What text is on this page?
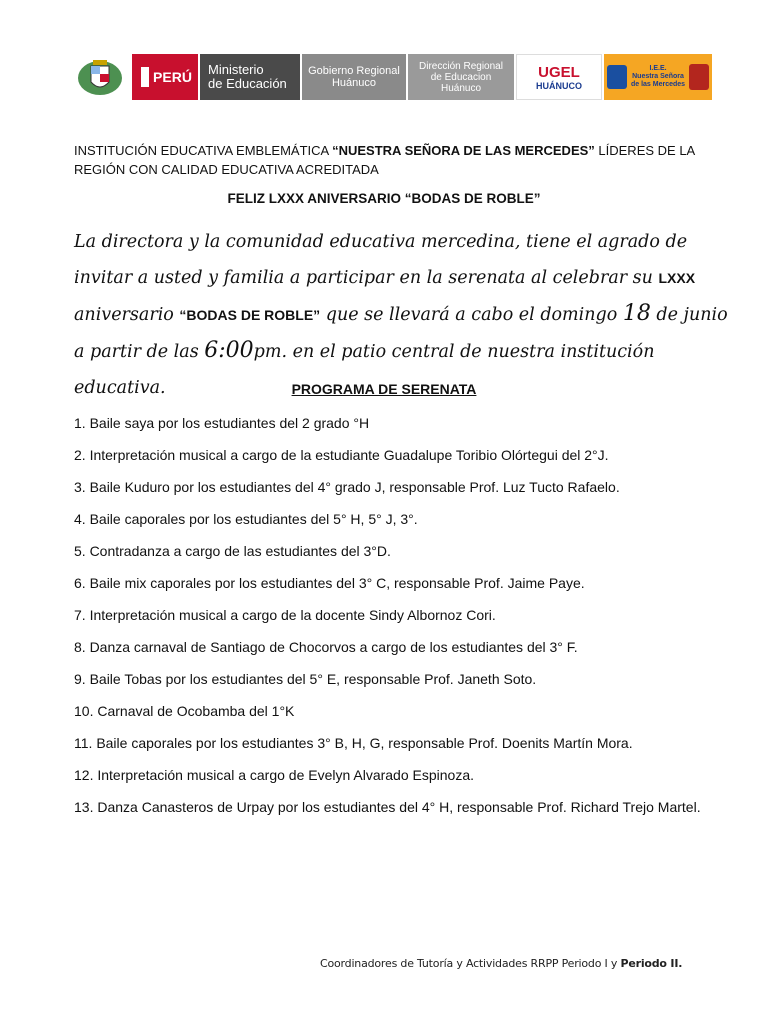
PERÚ Ministerio
de Educación
Gobierno Regional
Huánuco
Dirección Regional
de Educacion
Huánuco
UGEL
HUÁNUCO
I.E.E.
Nuestra Señora
de las Mercedes
INSTITUCIÓN EDUCATIVA EMBLEMÁTICA “NUESTRA SEÑORA DE LAS MERCEDES” LÍDERES DE LA REGIÓN CON CALIDAD EDUCATIVA ACREDITADA
FELIZ LXXX ANIVERSARIO “BODAS DE ROBLE”
La directora y la comunidad educativa mercedina, tiene el agrado de invitar a usted y familia a participar en la serenata al celebrar su LXXX aniversario “BODAS DE ROBLE” que se llevará a cabo el domingo 18 de junio a partir de las 6:00pm. en el patio central de nuestra institución educativa.	PROGRAMA DE SERENATA
1. Baile saya por los estudiantes del 2 grado °H
2. Interpretación musical a cargo de la estudiante Guadalupe Toribio Olórtegui del 2°J.
3. Baile Kuduro por los estudiantes del 4° grado J, responsable Prof. Luz Tucto Rafaelo.
4. Baile caporales por los estudiantes del 5° H, 5° J, 3°.
5. Contradanza a cargo de las estudiantes del 3°D.
6. Baile mix caporales por los estudiantes del 3° C, responsable Prof. Jaime Paye.
7. Interpretación musical a cargo de la docente Sindy Albornoz Cori.
8. Danza carnaval de Santiago de Chocorvos a cargo de los estudiantes del 3° F.
9. Baile Tobas por los estudiantes del 5° E, responsable Prof. Janeth Soto.
10. Carnaval de Ocobamba del 1°K
11. Baile caporales por los estudiantes 3° B, H, G, responsable Prof. Doenits Martín Mora.
12. Interpretación musical a cargo de Evelyn Alvarado Espinoza.
13. Danza Canasteros de Urpay por los estudiantes del 4° H, responsable Prof. Richard Trejo Martel.
Coordinadores de Tutoría y Actividades RRPP Periodo I y Periodo II.
